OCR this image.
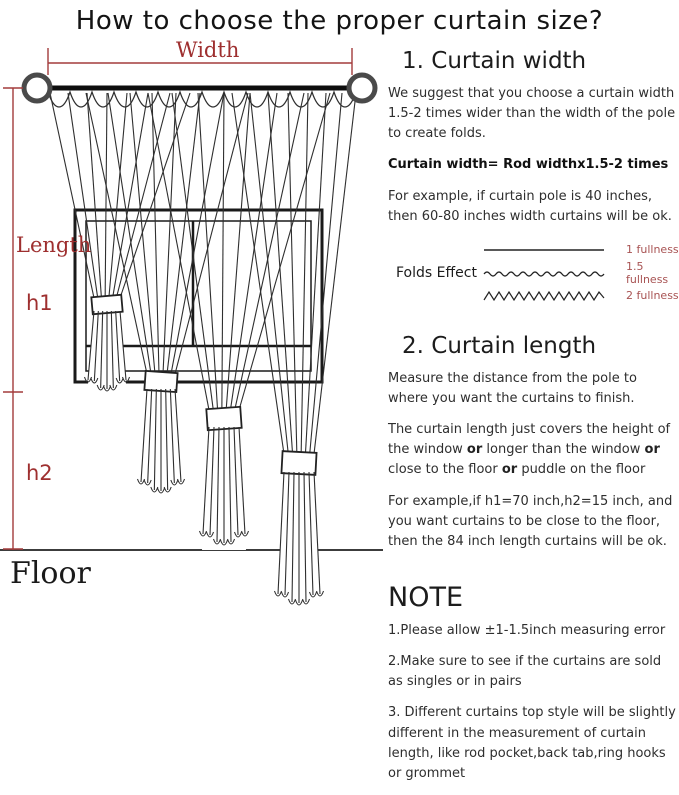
How to choose the proper curtain size?
Width
Length
h1
h2
Floor
1. Curtain width

We suggest that you choose a curtain width 1.5-2 times wider than the width of the pole to create folds.

Curtain width= Rod widthx1.5-2 times

For example, if curtain pole is 40 inches, then 60-80 inches width curtains will be ok.

Folds Effect
1 fullness
1.5 fullness
2 fullness
2. Curtain length

Measure the distance from the pole to where you want the curtains to finish.

The curtain length just covers the height of the window or longer than the window or close to the floor or puddle on the floor

For example,if h1=70 inch,h2=15 inch, and you want curtains to be close to the floor, then the 84 inch length curtains will be ok.

NOTE

1.Please allow ±1-1.5inch measuring error

2.Make sure to see if the curtains are sold as singles or in pairs

3. Different curtains top style will be slightly different in the measurement of curtain length, like rod pocket,back tab,ring hooks or grommet
